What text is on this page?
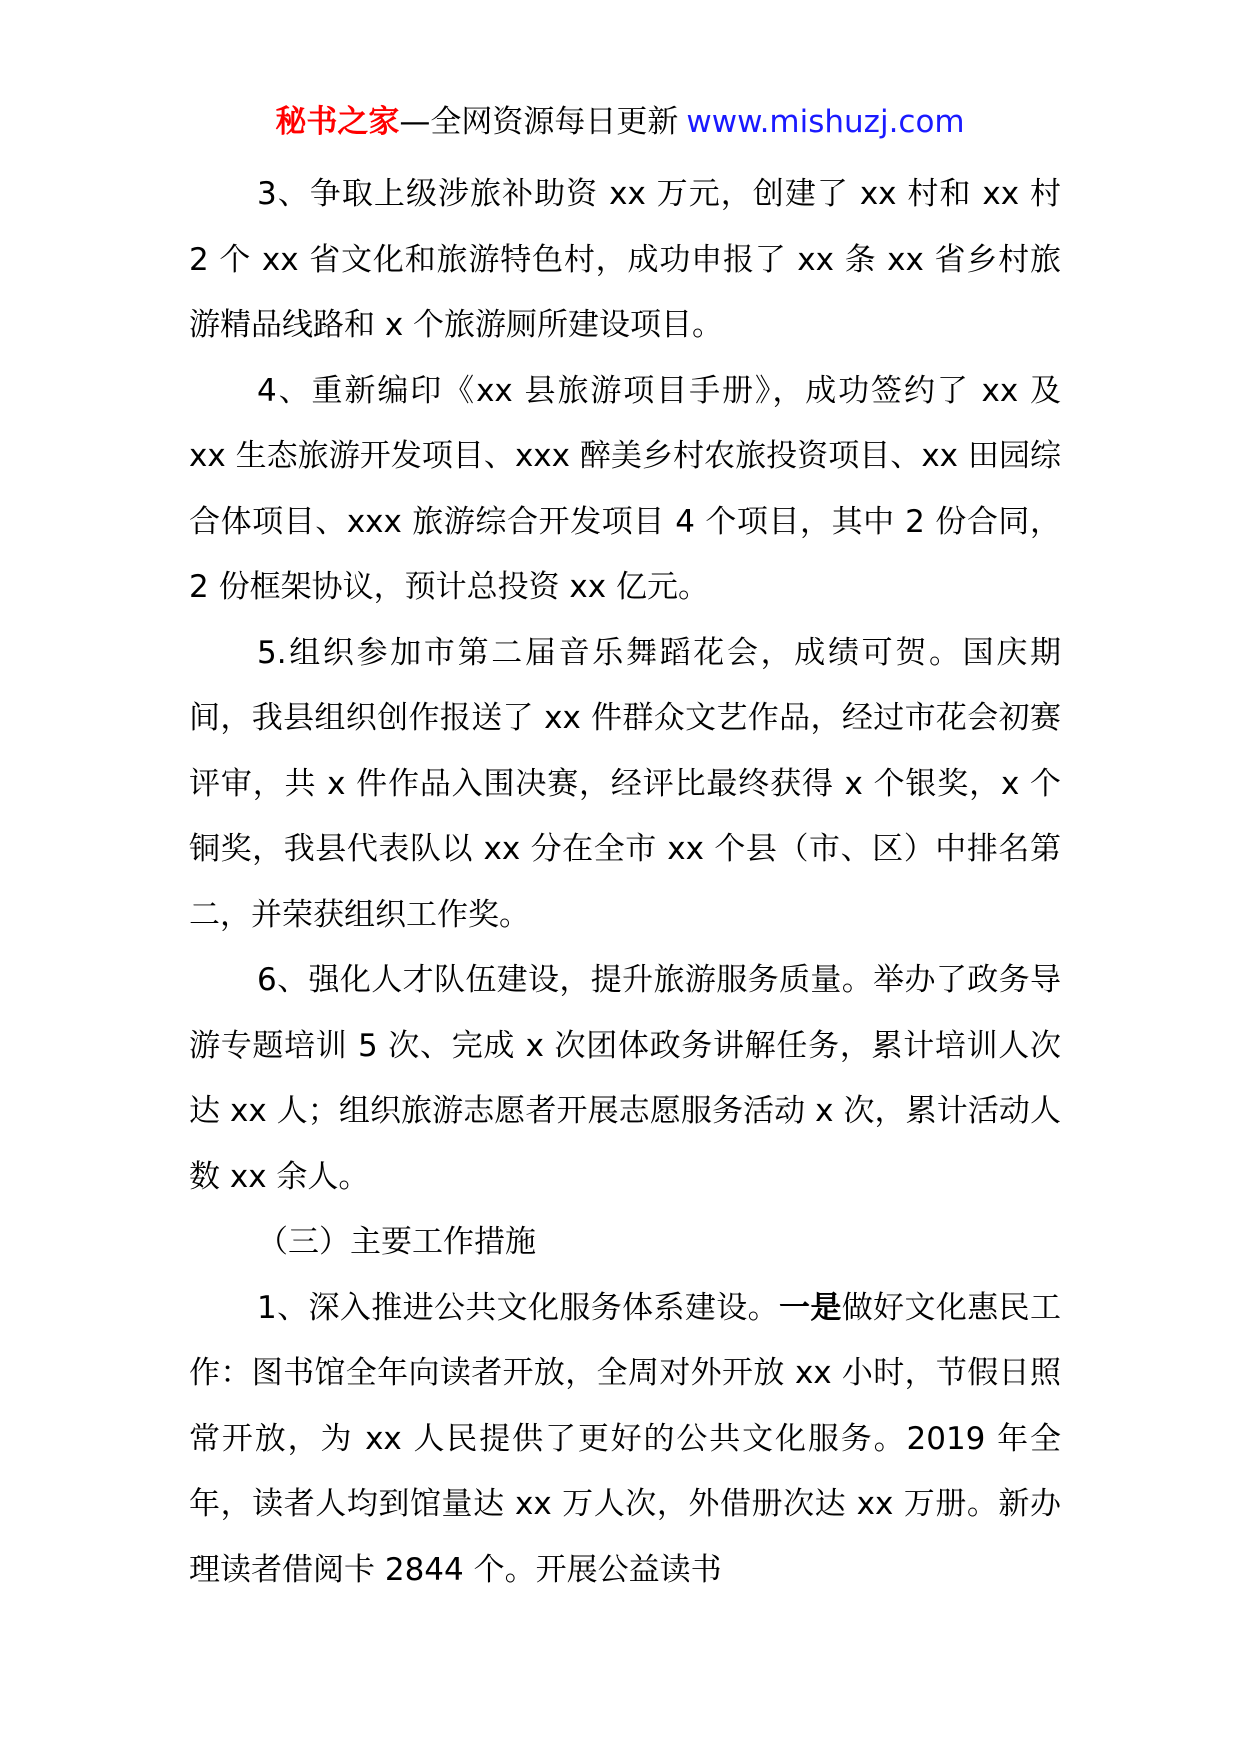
秘书之家—全网资源每日更新 www.mishuzj.com

3、争取上级涉旅补助资 xx 万元，创建了 xx 村和 xx 村 2 个 xx 省文化和旅游特色村，成功申报了 xx 条 xx 省乡村旅游精品线路和 x 个旅游厕所建设项目。

4、重新编印《xx 县旅游项目手册》，成功签约了 xx 及 xx 生态旅游开发项目、xxx 醉美乡村农旅投资项目、xx 田园综合体项目、xxx 旅游综合开发项目 4 个项目，其中 2 份合同，2 份框架协议，预计总投资 xx 亿元。

5.组织参加市第二届音乐舞蹈花会，成绩可贺。国庆期间，我县组织创作报送了 xx 件群众文艺作品，经过市花会初赛评审，共 x 件作品入围决赛，经评比最终获得 x 个银奖，x 个铜奖，我县代表队以 xx 分在全市 xx 个县（市、区）中排名第二，并荣获组织工作奖。

6、强化人才队伍建设，提升旅游服务质量。举办了政务导游专题培训 5 次、完成 x 次团体政务讲解任务，累计培训人次达 xx 人；组织旅游志愿者开展志愿服务活动 x 次，累计活动人数 xx 余人。

（三）主要工作措施

1、深入推进公共文化服务体系建设。一是做好文化惠民工作：图书馆全年向读者开放，全周对外开放 xx 小时，节假日照常开放，为 xx 人民提供了更好的公共文化服务。2019 年全年，读者人均到馆量达 xx 万人次，外借册次达 xx 万册。新办理读者借阅卡 2844 个。开展公益读书
